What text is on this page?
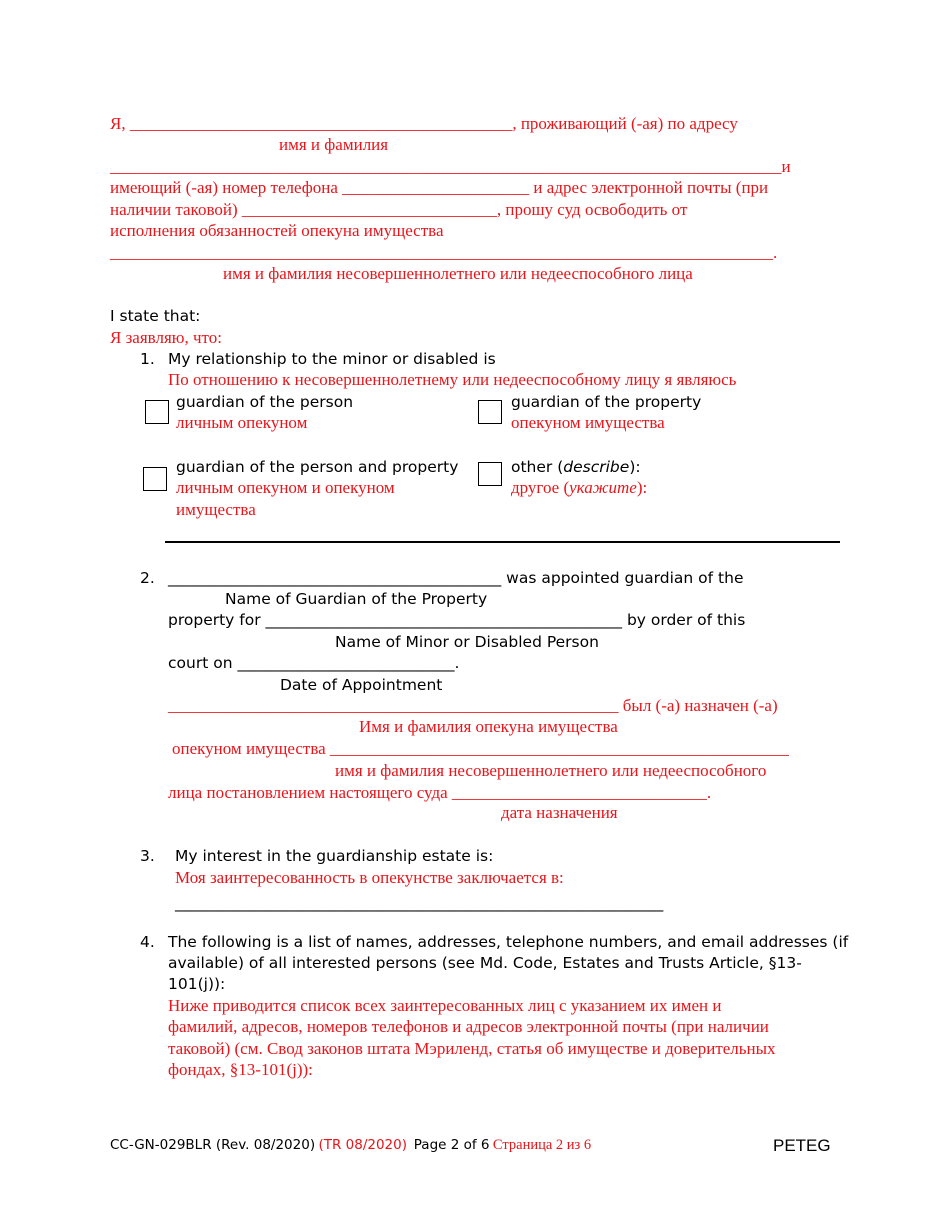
Я, _____________________________________________, проживающий (-ая) по адресу
имя и фамилия
_______________________________________________________________________________и
имеющий (-ая) номер телефона ______________________ и адрес электронной почты (при
наличии таковой) ______________________________, прошу суд освободить от
исполнения обязанностей опекуна имущества
______________________________________________________________________________.
имя и фамилия несовершеннолетнего или недееспособного лица
I state that:
Я заявляю, что:
1. My relationship to the minor or disabled is
По отношению к несовершеннолетнему или недееспособному лицу я являюсь
guardian of the person
личным опекуном
guardian of the property
опекуном имущества
guardian of the person and property
личным опекуном и опекуном
имущества
other (describe):
другое (укажите):
2. ___________________________________________ was appointed guardian of the
Name of Guardian of the Property
property for ______________________________________________ by order of this
Name of Minor or Disabled Person
court on ____________________________.
Date of Appointment
_____________________________________________________ был (-а) назначен (-а)
Имя и фамилия опекуна имущества
опекуном имущества ______________________________________________________
имя и фамилия несовершеннолетнего или недееспособного
лица постановлением настоящего суда ______________________________.
дата назначения
3. My interest in the guardianship estate is:
Моя заинтересованность в опекунстве заключается в:
_______________________________________________________________
4. The following is a list of names, addresses, telephone numbers, and email addresses (if
available) of all interested persons (see Md. Code, Estates and Trusts Article, §13-
101(j)):
Ниже приводится список всех заинтересованных лиц с указанием их имен и
фамилий, адресов, номеров телефонов и адресов электронной почты (при наличии
таковой) (см. Свод законов штата Мэриленд, статья об имуществе и доверительных
фондах, §13-101(j)):
CC-GN-029BLR (Rev. 08/2020) (TR 08/2020) Page 2 of 6 Страница 2 из 6	PETEG
